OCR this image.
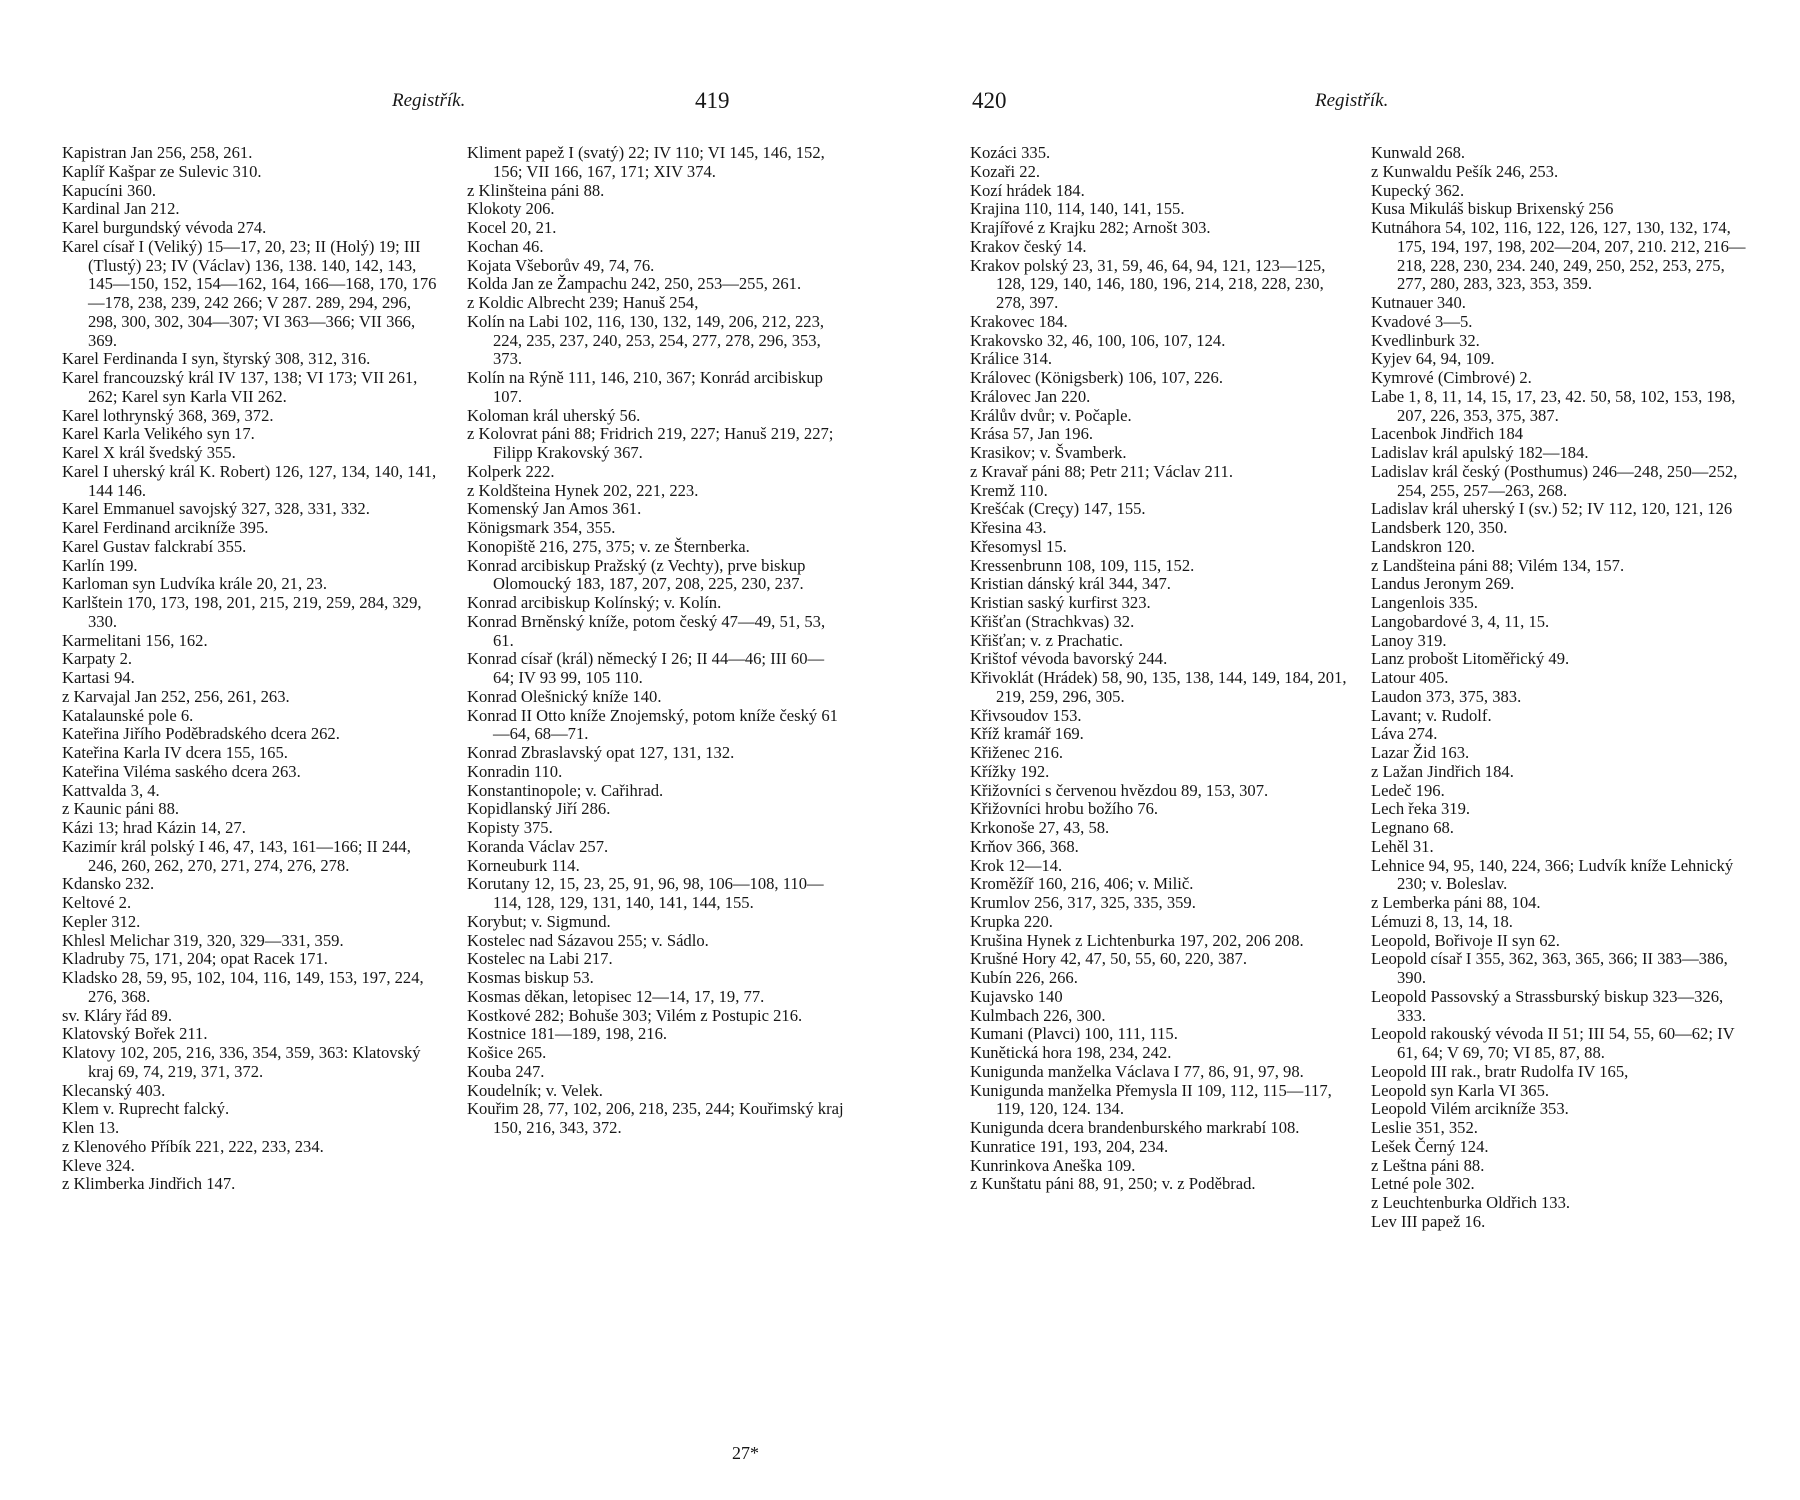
Registřík.	419
Kapistran Jan 256, 258, 261.
Kaplíř Kašpar ze Sulevic 310.
Kapucíni 360.
Kardinal Jan 212.
Karel burgundský vévoda 274.
Karel císař I (Veliký) 15—17, 20, 23; II (Holý) 19; III (Tlustý) 23; IV (Václav) 136, 138. 140, 142, 143, 145—150, 152, 154—162, 164, 166—168, 170, 176—178, 238, 239, 242 266; V 287. 289, 294, 296, 298, 300, 302, 304—307; VI 363—366; VII 366, 369.
Karel Ferdinanda I syn, štyrský 308, 312, 316.
Karel francouzský král IV 137, 138; VI 173; VII 261, 262; Karel syn Karla VII 262.
Karel lothrynský 368, 369, 372.
Karel Karla Velikého syn 17.
Karel X král švedský 355.
Karel I uherský král K. Robert) 126, 127, 134, 140, 141, 144 146.
Karel Emmanuel savojský 327, 328, 331, 332.
Karel Ferdinand arcikníže 395.
Karel Gustav falckrabí 355.
Karlín 199.
Karloman syn Ludvíka krále 20, 21, 23.
Karlštein 170, 173, 198, 201, 215, 219, 259, 284, 329, 330.
Karmelitani 156, 162.
Karpaty 2.
Kartasi 94.
z Karvajal Jan 252, 256, 261, 263.
Katalaunské pole 6.
Kateřina Jiřího Poděbradského dcera 262.
Kateřina Karla IV dcera 155, 165.
Kateřina Viléma saského dcera 263.
Kattvalda 3, 4.
z Kaunic páni 88.
Kázi 13; hrad Kázin 14, 27.
Kazimír král polský I 46, 47, 143, 161—166; II 244, 246, 260, 262, 270, 271, 274, 276, 278.
Kdansko 232.
Keltové 2.
Kepler 312.
Khlesl Melichar 319, 320, 329—331, 359.
Kladruby 75, 171, 204; opat Racek 171.
Kladsko 28, 59, 95, 102, 104, 116, 149, 153, 197, 224, 276, 368.
sv. Kláry řád 89.
Klatovský Bořek 211.
Klatovy 102, 205, 216, 336, 354, 359, 363: Klatovský kraj 69, 74, 219, 371, 372.
Klecanský 403.
Klem v. Ruprecht falcký.
Klen 13.
z Klenového Příbík 221, 222, 233, 234.
Kleve 324.
z Klimberka Jindřich 147.
Kliment papež I (svatý) 22; IV 110; VI 145, 146, 152, 156; VII 166, 167, 171; XIV 374.
z Klinšteina páni 88.
Klokoty 206.
Kocel 20, 21.
Kochan 46.
Kojata Všeborův 49, 74, 76.
Kolda Jan ze Žampachu 242, 250, 253—255, 261.
z Koldic Albrecht 239; Hanuš 254,
Kolín na Labi 102, 116, 130, 132, 149, 206, 212, 223, 224, 235, 237, 240, 253, 254, 277, 278, 296, 353, 373.
Kolín na Rýně 111, 146, 210, 367; Konrád arcibiskup 107.
Koloman král uherský 56.
z Kolovrat páni 88; Fridrich 219, 227; Hanuš 219, 227; Filipp Krakovský 367.
Kolperk 222.
z Koldšteina Hynek 202, 221, 223.
Komenský Jan Amos 361.
Königsmark 354, 355.
Konopiště 216, 275, 375; v. ze Šternberka.
Konrad arcibiskup Pražský (z Vechty), prve biskup Olomoucký 183, 187, 207, 208, 225, 230, 237.
Konrad arcibiskup Kolínský; v. Kolín.
Konrad Brněnský kníže, potom český 47—49, 51, 53, 61.
Konrad císař (král) německý I 26; II 44—46; III 60—64; IV 93 99, 105 110.
Konrad Olešnický kníže 140.
Konrad II Otto kníže Znojemský, potom kníže český 61—64, 68—71.
Konrad Zbraslavský opat 127, 131, 132.
Konradin 110.
Konstantinopole; v. Cařihrad.
Kopidlanský Jiří 286.
Kopisty 375.
Koranda Václav 257.
Korneuburk 114.
Korutany 12, 15, 23, 25, 91, 96, 98, 106—108, 110—114, 128, 129, 131, 140, 141, 144, 155.
Korybut; v. Sigmund.
Kostelec nad Sázavou 255; v. Sádlo.
Kostelec na Labi 217.
Kosmas biskup 53.
Kosmas děkan, letopisec 12—14, 17, 19, 77.
Kostkové 282; Bohuše 303; Vilém z Postupic 216.
Kostnice 181—189, 198, 216.
Košice 265.
Kouba 247.
Koudelník; v. Velek.
Kouřim 28, 77, 102, 206, 218, 235, 244; Kouřimský kraj 150, 216, 343, 372.
27*
420	Registřík.
Kozáci 335.
Kozaři 22.
Kozí hrádek 184.
Krajina 110, 114, 140, 141, 155.
Krajířové z Krajku 282; Arnošt 303.
Krakov český 14.
Krakov polský 23, 31, 59, 46, 64, 94, 121, 123—125, 128, 129, 140, 146, 180, 196, 214, 218, 228, 230, 278, 397.
Krakovec 184.
Krakovsko 32, 46, 100, 106, 107, 124.
Králice 314.
Královec (Königsberk) 106, 107, 226.
Královec Jan 220.
Králův dvůr; v. Počaple.
Krása 57, Jan 196.
Krasikov; v. Švamberk.
z Kravař páni 88; Petr 211; Václav 211.
Kremž 110.
Krešćak (Creçy) 147, 155.
Křesina 43.
Křesomysl 15.
Kressenbrunn 108, 109, 115, 152.
Kristian dánský král 344, 347.
Kristian saský kurfirst 323.
Křišťan (Strachkvas) 32.
Křišťan; v. z Prachatic.
Krištof vévoda bavorský 244.
Křivoklát (Hrádek) 58, 90, 135, 138, 144, 149, 184, 201, 219, 259, 296, 305.
Křivsoudov 153.
Kříž kramář 169.
Křiženec 216.
Křížky 192.
Křižovníci s červenou hvězdou 89, 153, 307.
Křižovníci hrobu božího 76.
Krkonoše 27, 43, 58.
Krňov 366, 368.
Krok 12—14.
Kroměžíř 160, 216, 406; v. Milič.
Krumlov 256, 317, 325, 335, 359.
Krupka 220.
Krušina Hynek z Lichtenburka 197, 202, 206 208.
Krušné Hory 42, 47, 50, 55, 60, 220, 387.
Kubín 226, 266.
Kujavsko 140
Kulmbach 226, 300.
Kumani (Plavci) 100, 111, 115.
Kunětická hora 198, 234, 242.
Kunigunda manželka Václava I 77, 86, 91, 97, 98.
Kunigunda manželka Přemysla II 109, 112, 115—117, 119, 120, 124. 134.
Kunigunda dcera brandenburského markrabí 108.
Kunratice 191, 193, 204, 234.
Kunrinkova Aneška 109.
z Kunštatu páni 88, 91, 250; v. z Poděbrad.
Kunwald 268.
z Kunwaldu Pešík 246, 253.
Kupecký 362.
Kusa Mikuláš biskup Brixenský 256
Kutnáhora 54, 102, 116, 122, 126, 127, 130, 132, 174, 175, 194, 197, 198, 202—204, 207, 210. 212, 216—218, 228, 230, 234. 240, 249, 250, 252, 253, 275, 277, 280, 283, 323, 353, 359.
Kutnauer 340.
Kvadové 3—5.
Kvedlinburk 32.
Kyjev 64, 94, 109.
Kymrové (Cimbrové) 2.
Labe 1, 8, 11, 14, 15, 17, 23, 42. 50, 58, 102, 153, 198, 207, 226, 353, 375, 387.
Lacenbok Jindřich 184
Ladislav král apulský 182—184.
Ladislav král český (Posthumus) 246—248, 250—252, 254, 255, 257—263, 268.
Ladislav král uherský I (sv.) 52; IV 112, 120, 121, 126
Landsberk 120, 350.
Landskron 120.
z Landšteina páni 88; Vilém 134, 157.
Landus Jeronym 269.
Langenlois 335.
Langobardové 3, 4, 11, 15.
Lanoy 319.
Lanz probošt Litoměřický 49.
Latour 405.
Laudon 373, 375, 383.
Lavant; v. Rudolf.
Láva 274.
Lazar Žid 163.
z Lažan Jindřich 184.
Ledeč 196.
Lech řeka 319.
Legnano 68.
Lehěl 31.
Lehnice 94, 95, 140, 224, 366; Ludvík kníže Lehnický 230; v. Boleslav.
z Lemberka páni 88, 104.
Lémuzi 8, 13, 14, 18.
Leopold, Bořivoje II syn 62.
Leopold císař I 355, 362, 363, 365, 366; II 383—386, 390.
Leopold Passovský a Strassburský biskup 323—326, 333.
Leopold rakouský vévoda II 51; III 54, 55, 60—62; IV 61, 64; V 69, 70; VI 85, 87, 88.
Leopold III rak., bratr Rudolfa IV 165,
Leopold syn Karla VI 365.
Leopold Vilém arcikníže 353.
Leslie 351, 352.
Lešek Černý 124.
z Leštna páni 88.
Letné pole 302.
z Leuchtenburka Oldřich 133.
Lev III papež 16.
